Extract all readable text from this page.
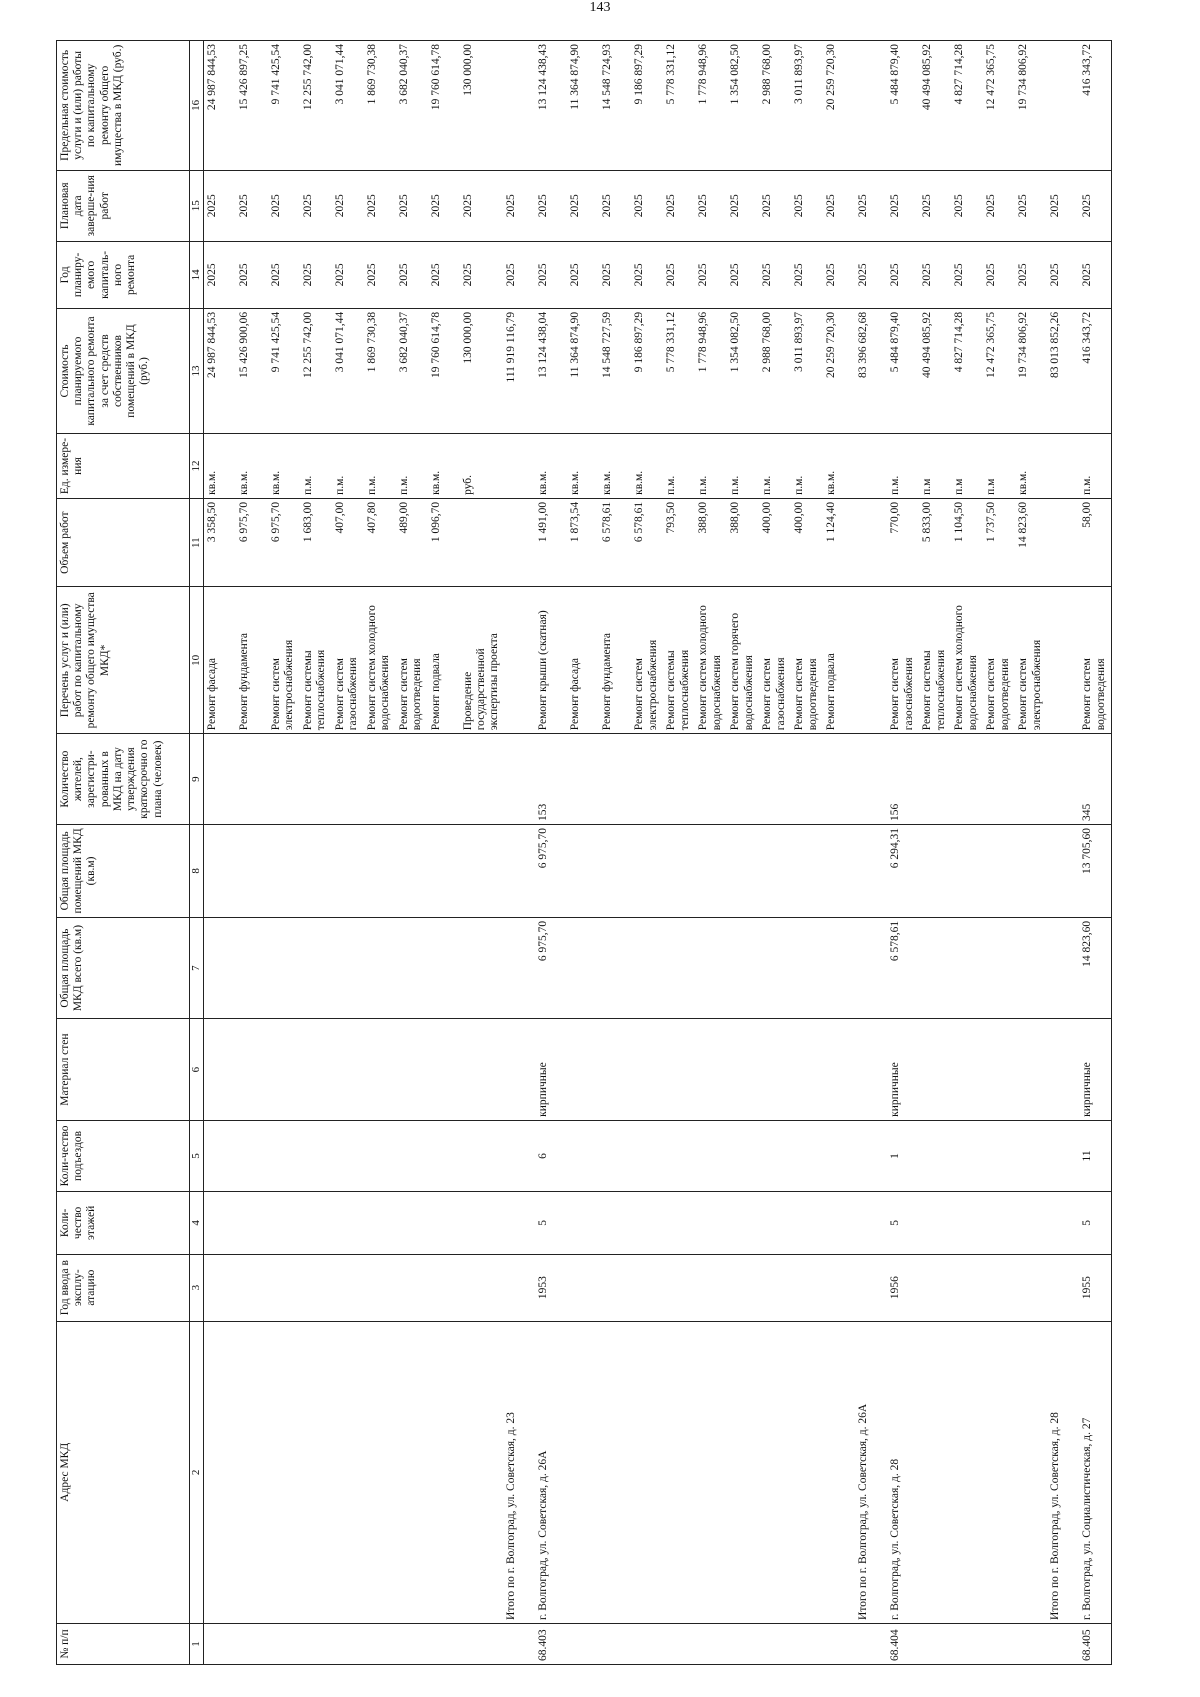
143
№ п/п	Адрес МКД	Год ввода в эксплу-атацию	Коли-чество этажей	Коли-чество подъездов	Материал стен	Общая площадь МКД всего (кв.м)	Общая площадь помещений МКД (кв.м)	Количество жителей, зарегистри-рованных в МКД на дату утверждения краткосрочно го плана (человек)	Перечень услуг и (или) работ по капитальному ремонту общего имущества МКД*	Объем работ	Ед. измере-ния	Стоимость планируемого капитального ремонта за счет средств собственников помещений в МКД (руб.)	Год планиру-емого капиталь-ного ремонта	Плановая дата заверше-ния работ	Предельная стоимость услуги и (или) работы по капитальному ремонту общего имущества в МКД (руб.)
1	2	3	4	5	6	7	8	9	10	11	12	13	14	15	16
									Ремонт фасада	3 358,50	кв.м.	24 987 844,53	2025	2025	24 987 844,53
									Ремонт фундамента	6 975,70	кв.м.	15 426 900,06	2025	2025	15 426 897,25
									Ремонт систем электроснабжения	6 975,70	кв.м.	9 741 425,54	2025	2025	9 741 425,54
									Ремонт системы теплоснабжения	1 683,00	п.м.	12 255 742,00	2025	2025	12 255 742,00
									Ремонт систем газоснабжения	407,00	п.м.	3 041 071,44	2025	2025	3 041 071,44
									Ремонт систем холодного водоснабжения	407,80	п.м.	1 869 730,38	2025	2025	1 869 730,38
									Ремонт систем водоотведения	489,00	п.м.	3 682 040,37	2025	2025	3 682 040,37
									Ремонт подвала	1 096,70	кв.м.	19 760 614,78	2025	2025	19 760 614,78
									Проведение государственной экспертизы проекта		руб.	130 000,00	2025	2025	130 000,00
	Итого по г. Волгоград, ул. Советская, д. 23											111 919 116,79	2025	2025	
68.403	г. Волгоград, ул. Советская, д. 26А	1953	5	6	кирпичные	6 975,70	6 975,70	153	Ремонт крыши (скатная)	1 491,00	кв.м.	13 124 438,04	2025	2025	13 124 438,43
									Ремонт фасада	1 873,54	кв.м.	11 364 874,90	2025	2025	11 364 874,90
									Ремонт фундамента	6 578,61	кв.м.	14 548 727,59	2025	2025	14 548 724,93
									Ремонт систем электроснабжения	6 578,61	кв.м.	9 186 897,29	2025	2025	9 186 897,29
									Ремонт системы теплоснабжения	793,50	п.м.	5 778 331,12	2025	2025	5 778 331,12
									Ремонт систем холодного водоснабжения	388,00	п.м.	1 778 948,96	2025	2025	1 778 948,96
									Ремонт систем горячего водоснабжения	388,00	п.м.	1 354 082,50	2025	2025	1 354 082,50
									Ремонт систем газоснабжения	400,00	п.м.	2 988 768,00	2025	2025	2 988 768,00
									Ремонт систем водоотведения	400,00	п.м.	3 011 893,97	2025	2025	3 011 893,97
									Ремонт подвала	1 124,40	кв.м.	20 259 720,30	2025	2025	20 259 720,30
	Итого по г. Волгоград, ул. Советская, д. 26А											83 396 682,68	2025	2025	
68.404	г. Волгоград, ул. Советская, д. 28	1956	5	1	кирпичные	6 578,61	6 294,31	156	Ремонт систем газоснабжения	770,00	п.м.	5 484 879,40	2025	2025	5 484 879,40
									Ремонт системы теплоснабжения	5 833,00	п.м	40 494 085,92	2025	2025	40 494 085,92
									Ремонт систем холодного водоснабжения	1 104,50	п.м	4 827 714,28	2025	2025	4 827 714,28
									Ремонт систем водоотведения	1 737,50	п.м	12 472 365,75	2025	2025	12 472 365,75
									Ремонт систем электроснабжения	14 823,60	кв.м.	19 734 806,92	2025	2025	19 734 806,92
	Итого по г. Волгоград, ул. Советская, д. 28											83 013 852,26	2025	2025	
68.405	г. Волгоград, ул. Социалистическая, д. 27	1955	5	11	кирпичные	14 823,60	13 705,60	345	Ремонт систем водоотведения	58,00	п.м.	416 343,72	2025	2025	416 343,72
